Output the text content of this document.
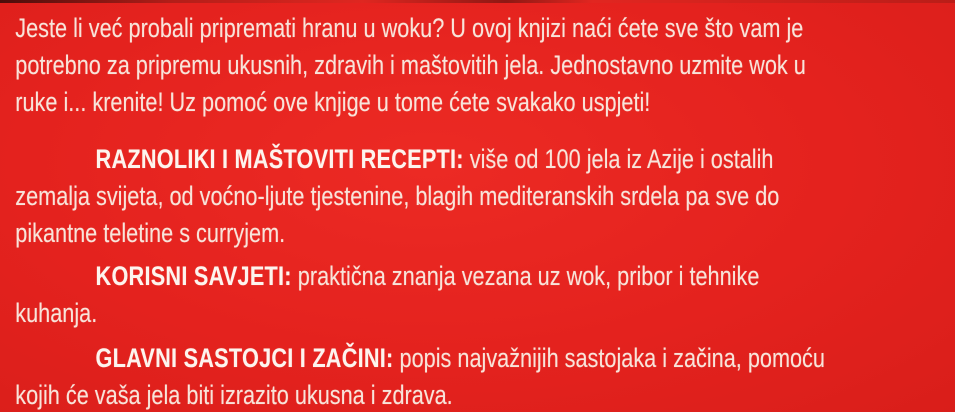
Jeste li već probali pripremati hranu u woku? U ovoj knjizi naći ćete sve što vam je
potrebno za pripremu ukusnih, zdravih i maštovitih jela. Jednostavno uzmite wok u
ruke i... krenite! Uz pomoć ove knjige u tome ćete svakako uspjeti!

RAZNOLIKI I MAŠTOVITI RECEPTI: više od 100 jela iz Azije i ostalih
zemalja svijeta, od voćno-ljute tjestenine, blagih mediteranskih srdela pa sve do
pikantne teletine s curryjem.

KORISNI SAVJETI: praktična znanja vezana uz wok, pribor i tehnike
kuhanja.

GLAVNI SASTOJCI I ZAČINI: popis najvažnijih sastojaka i začina, pomoću
kojih će vaša jela biti izrazito ukusna i zdrava.
